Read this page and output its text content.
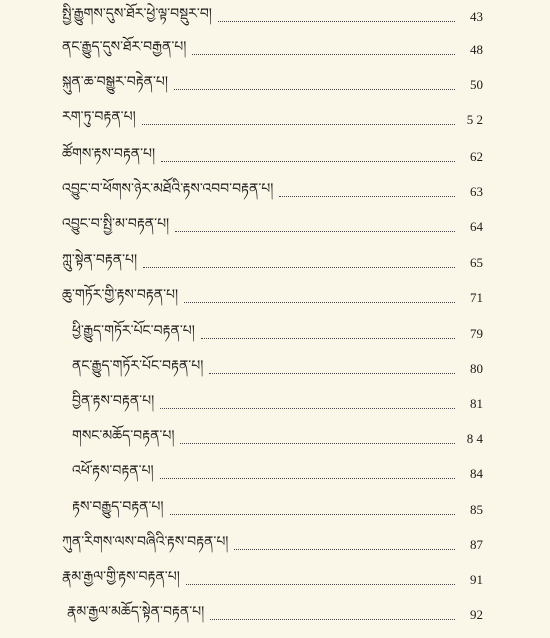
སྤྱི་རྒྱུགས་དུས་ཐོར་ཕྱེ་ལྟ་བསྡུར་བ།	43
ནང་རྒྱུད་དུས་ཐོར་བརྒྱན་པ།	48
སྐུན་ཆ་བསྒྱུར་བརྟེན་པ།	50
རག་ཏུ་བརྟན་པ།	5 2
ཚོགས་རྟས་བརྟན་པ།	62
འབྱུང་བ་ཕོགས་ཉེར་མཐོའི་རྟས་འབབ་བརྟན་པ།	63
འབྱུང་བ་སྤྱི་མ་བརྟན་པ།	64
ཀླུ་སྟེན་བརྟན་པ།	65
ཆུ་གཏོར་གྱི་རྟས་བརྟན་པ།	71
ཕྱི་རྒྱུད་གཏོར་པོང་བརྟན་པ།	79
ནང་རྒྱུད་གཏོར་པོང་བརྟན་པ།	80
བྱིན་རྟས་བརྟན་པ།	81
གསང་མཆོད་བརྟན་པ།	8 4
འཕོ་རྟས་བརྟན་པ།	84
རྟས་བརྒྱུད་བརྟན་པ།	85
ཀུན་རིགས་ལས་བཞིའི་རྟས་བརྟན་པ།	87
རྣམ་རྒྱལ་གྱི་རྟས་བརྟན་པ།	91
རྣམ་རྒྱལ་མཆོད་སྟེན་བརྟན་པ།	92
